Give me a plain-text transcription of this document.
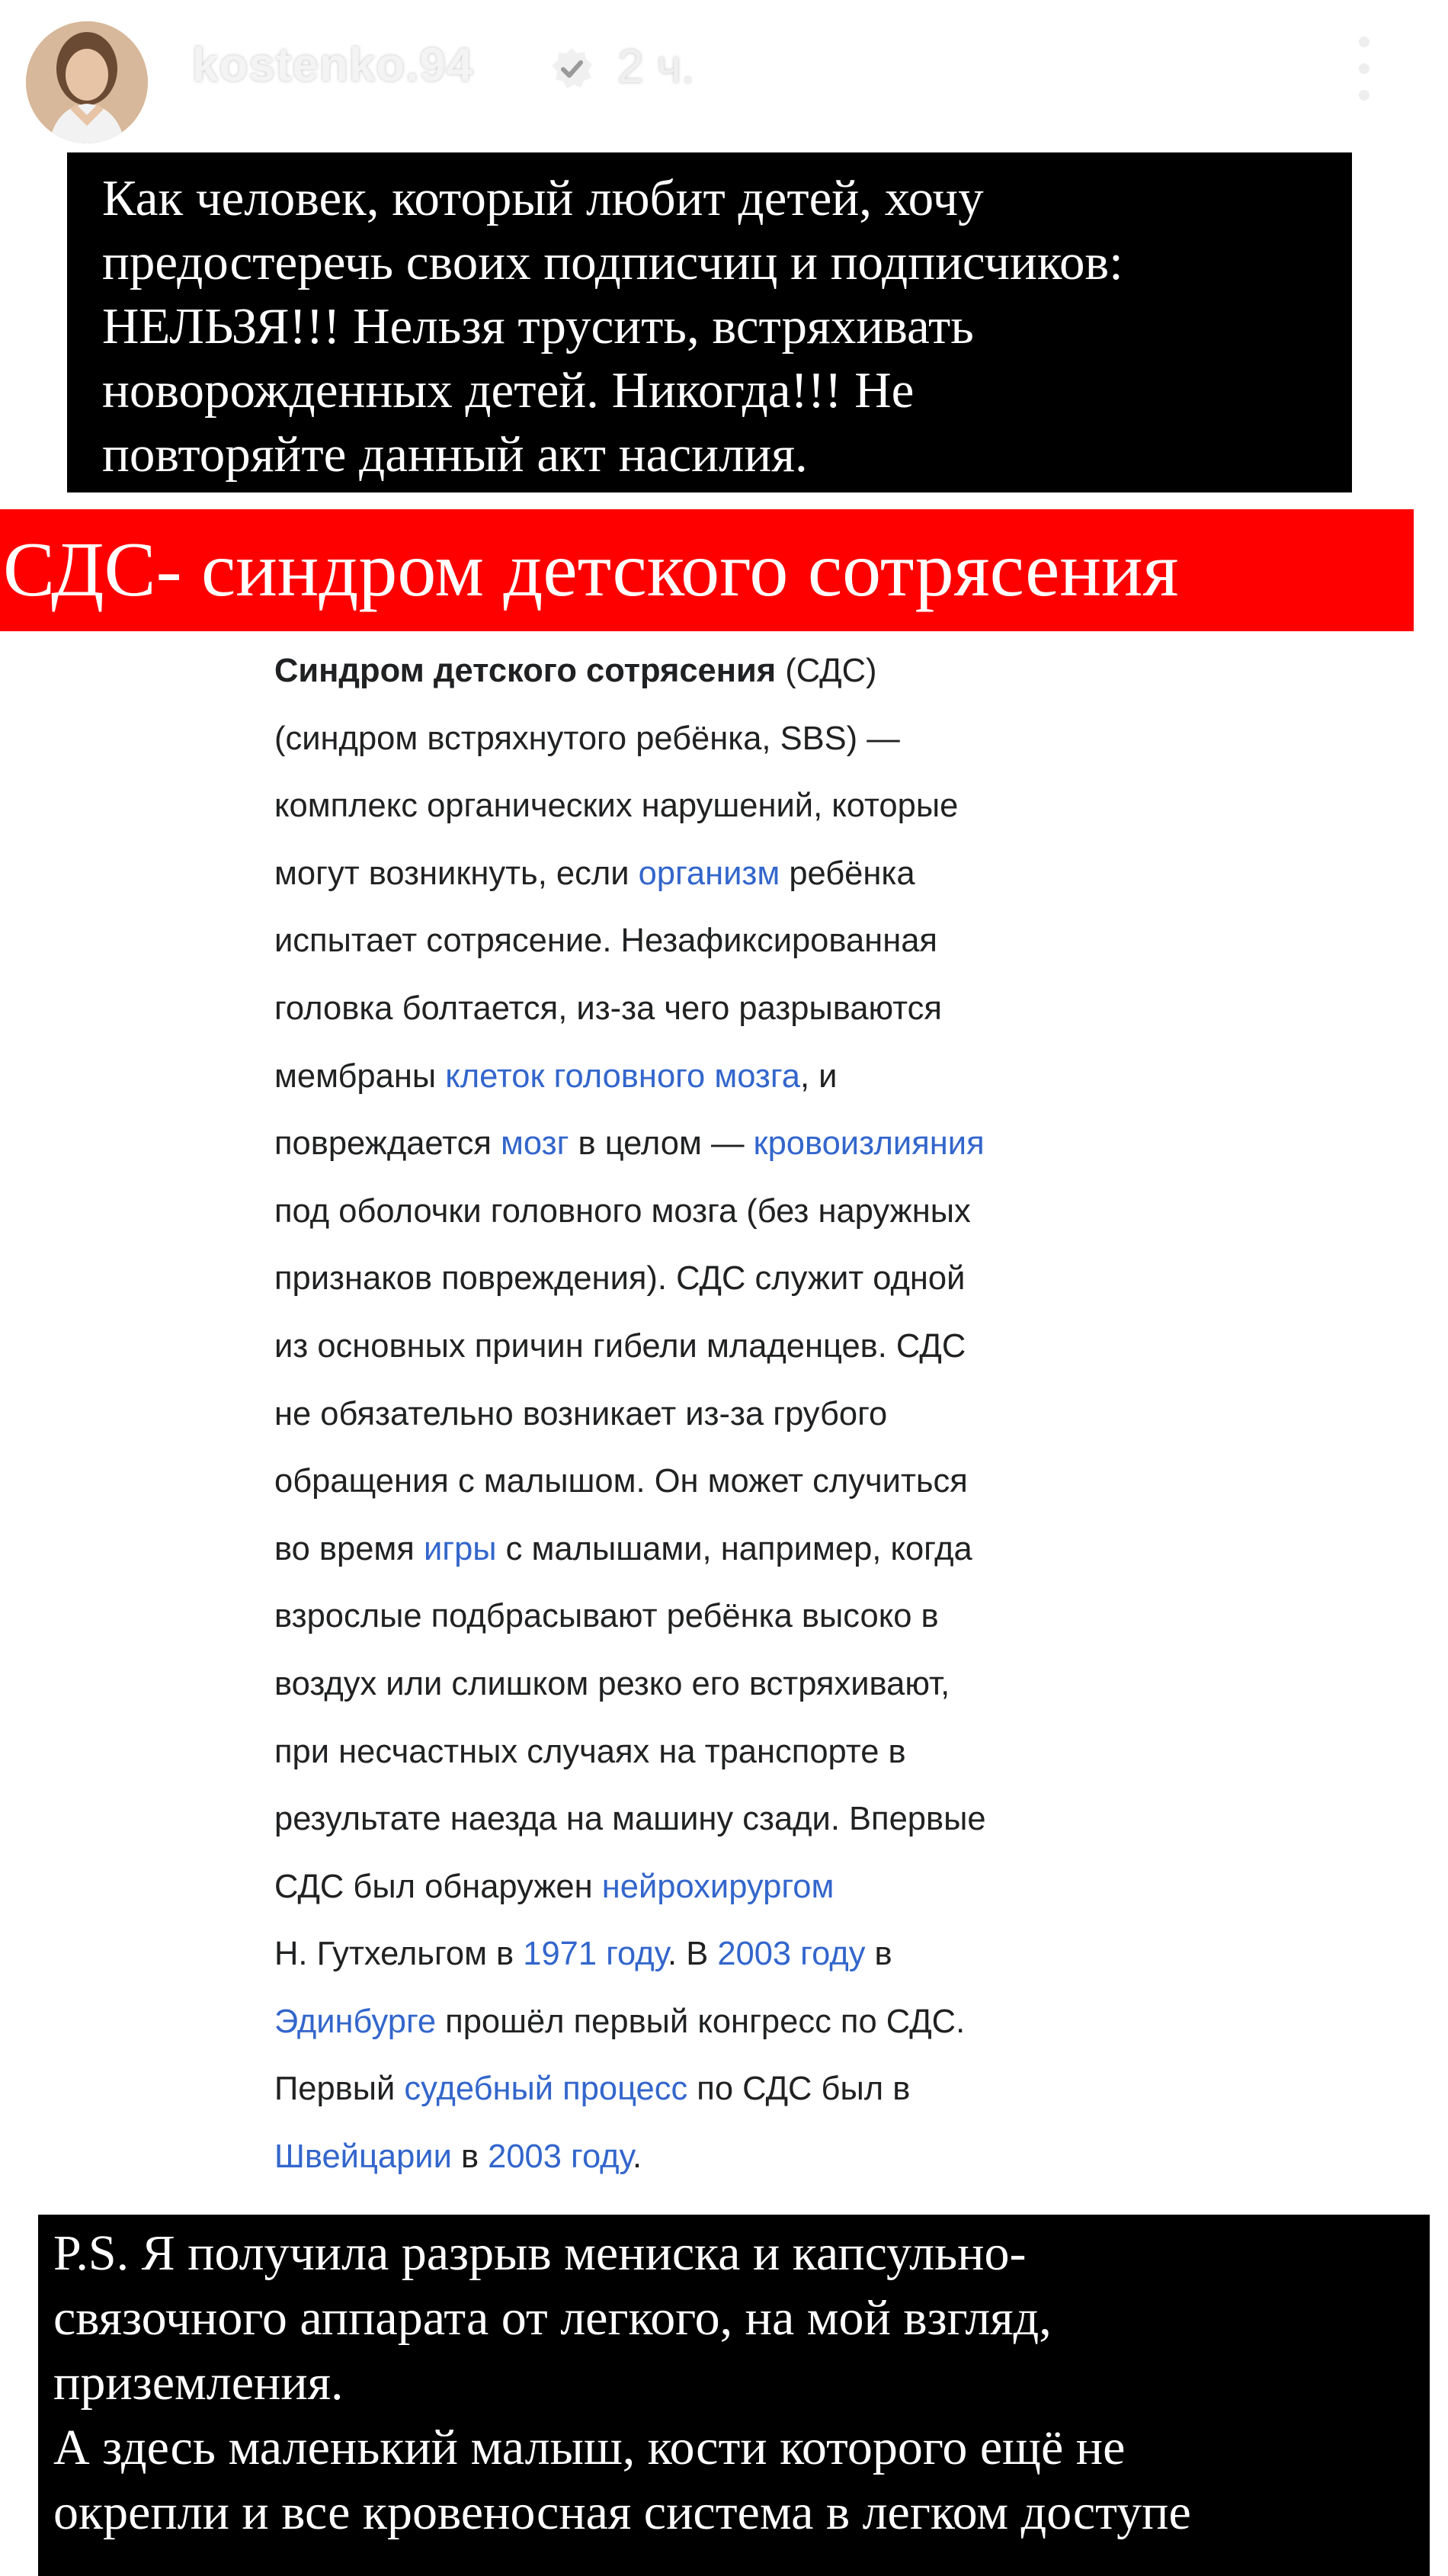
kostenko.94	2 ч.
Как человек, который любит детей, хочу
предостеречь своих подписчиц и подписчиков:
НЕЛЬЗЯ!!! Нельзя трусить, встряхивать
новорожденных детей. Никогда!!! Не
повторяйте данный акт насилия.
СДС- синдром детского сотрясения
Синдром детского сотрясения (СДС)
(синдром встряхнутого ребёнка, SBS) —
комплекс органических нарушений, которые
могут возникнуть, если организм ребёнка
испытает сотрясение. Незафиксированная
головка болтается, из-за чего разрываются
мембраны клеток головного мозга, и
повреждается мозг в целом — кровоизлияния
под оболочки головного мозга (без наружных
признаков повреждения). СДС служит одной
из основных причин гибели младенцев. СДС
не обязательно возникает из-за грубого
обращения с малышом. Он может случиться
во время игры с малышами, например, когда
взрослые подбрасывают ребёнка высоко в
воздух или слишком резко его встряхивают,
при несчастных случаях на транспорте в
результате наезда на машину сзади. Впервые
СДС был обнаружен нейрохирургом
Н. Гутхельгом в 1971 году. В 2003 году в
Эдинбурге прошёл первый конгресс по СДС.
Первый судебный процесс по СДС был в
Швейцарии в 2003 году.
P.S. Я получила разрыв мениска и капсульно-
связочного аппарата от легкого, на мой взгляд,
приземления.
А здесь маленький малыш, кости которого ещё не
окрепли и все кровеносная система в легком доступе
